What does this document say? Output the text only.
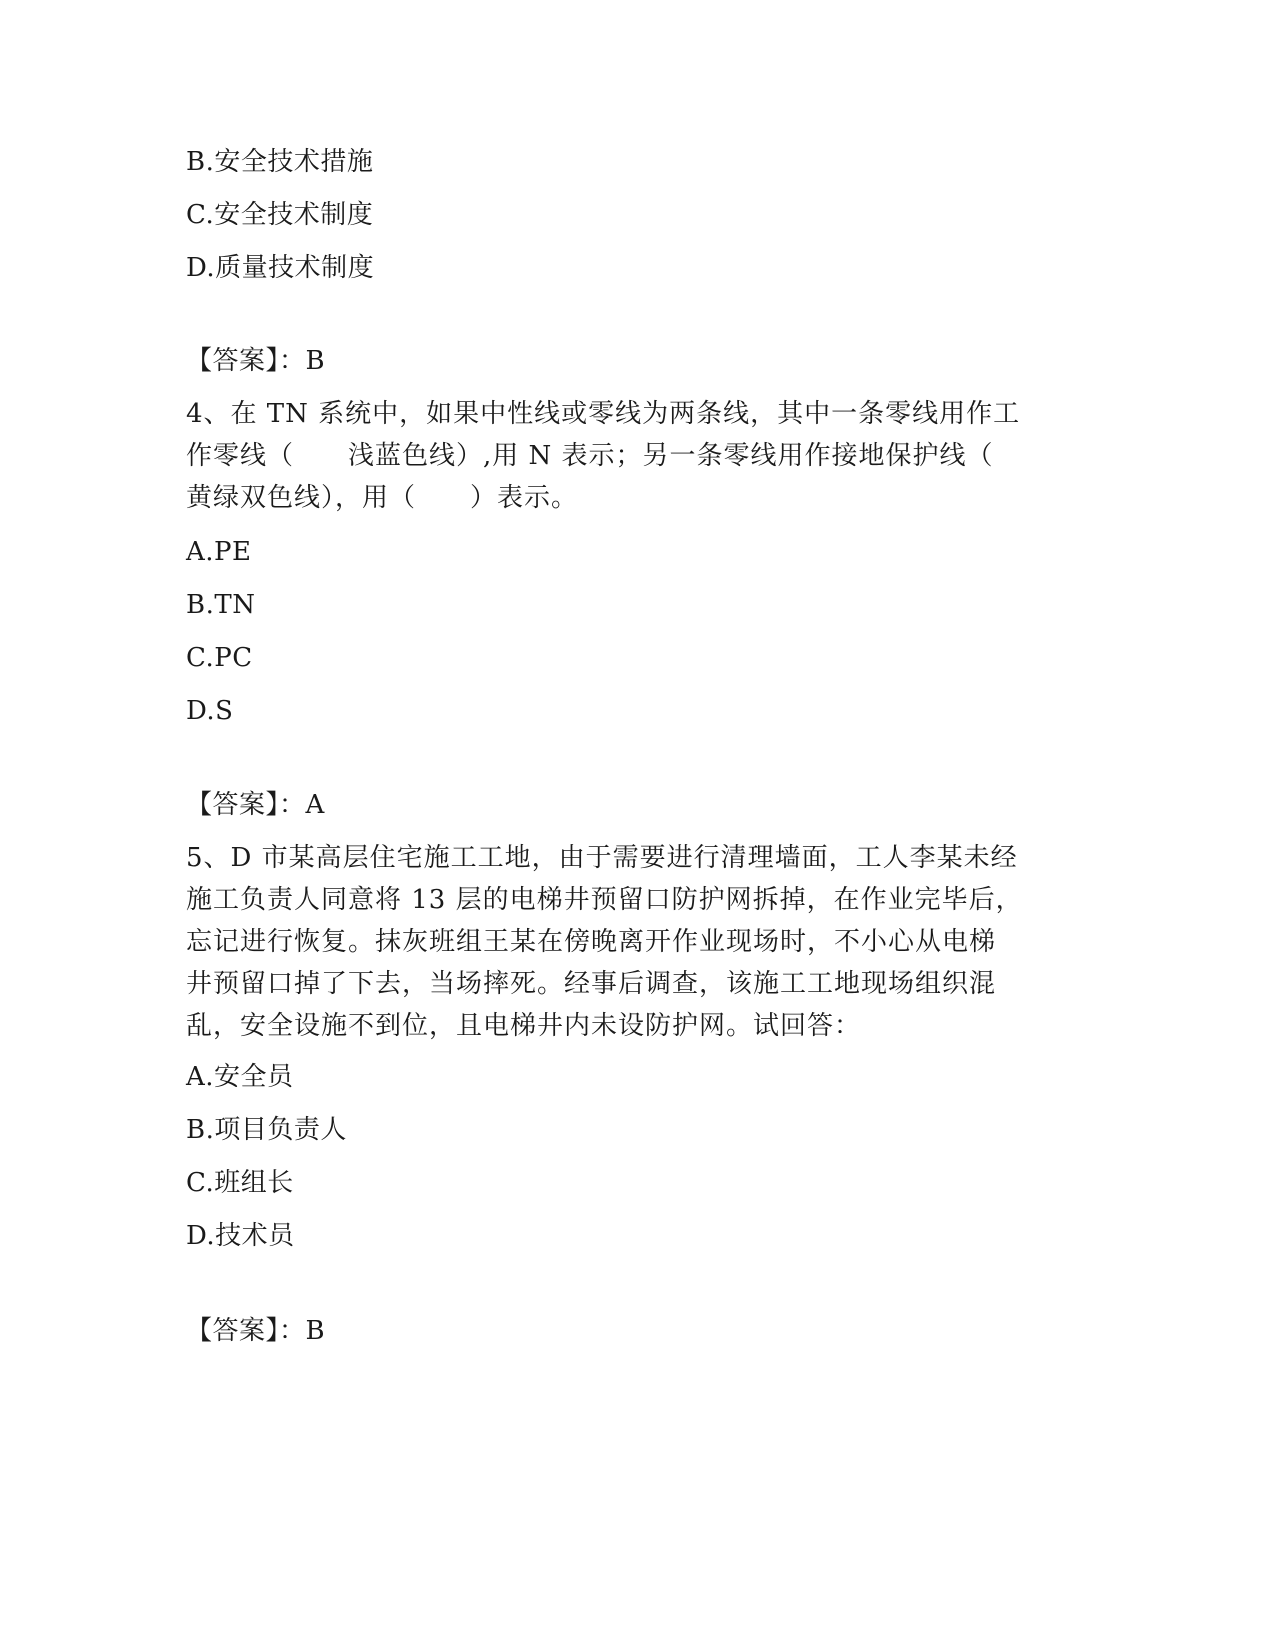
B.安全技术措施
C.安全技术制度
D.质量技术制度
【答案】：B
4、在 TN 系统中，如果中性线或零线为两条线，其中一条零线用作工
作零线（　　浅蓝色线）,用 N 表示；另一条零线用作接地保护线（
黄绿双色线），用（　　）表示。
A.PE
B.TN
C.PC
D.S
【答案】：A
5、D 市某高层住宅施工工地，由于需要进行清理墙面，工人李某未经
施工负责人同意将 13 层的电梯井预留口防护网拆掉，在作业完毕后，
忘记进行恢复。抹灰班组王某在傍晚离开作业现场时，不小心从电梯
井预留口掉了下去，当场摔死。经事后调查，该施工工地现场组织混
乱，安全设施不到位，且电梯井内未设防护网。试回答：
A.安全员
B.项目负责人
C.班组长
D.技术员
【答案】：B
